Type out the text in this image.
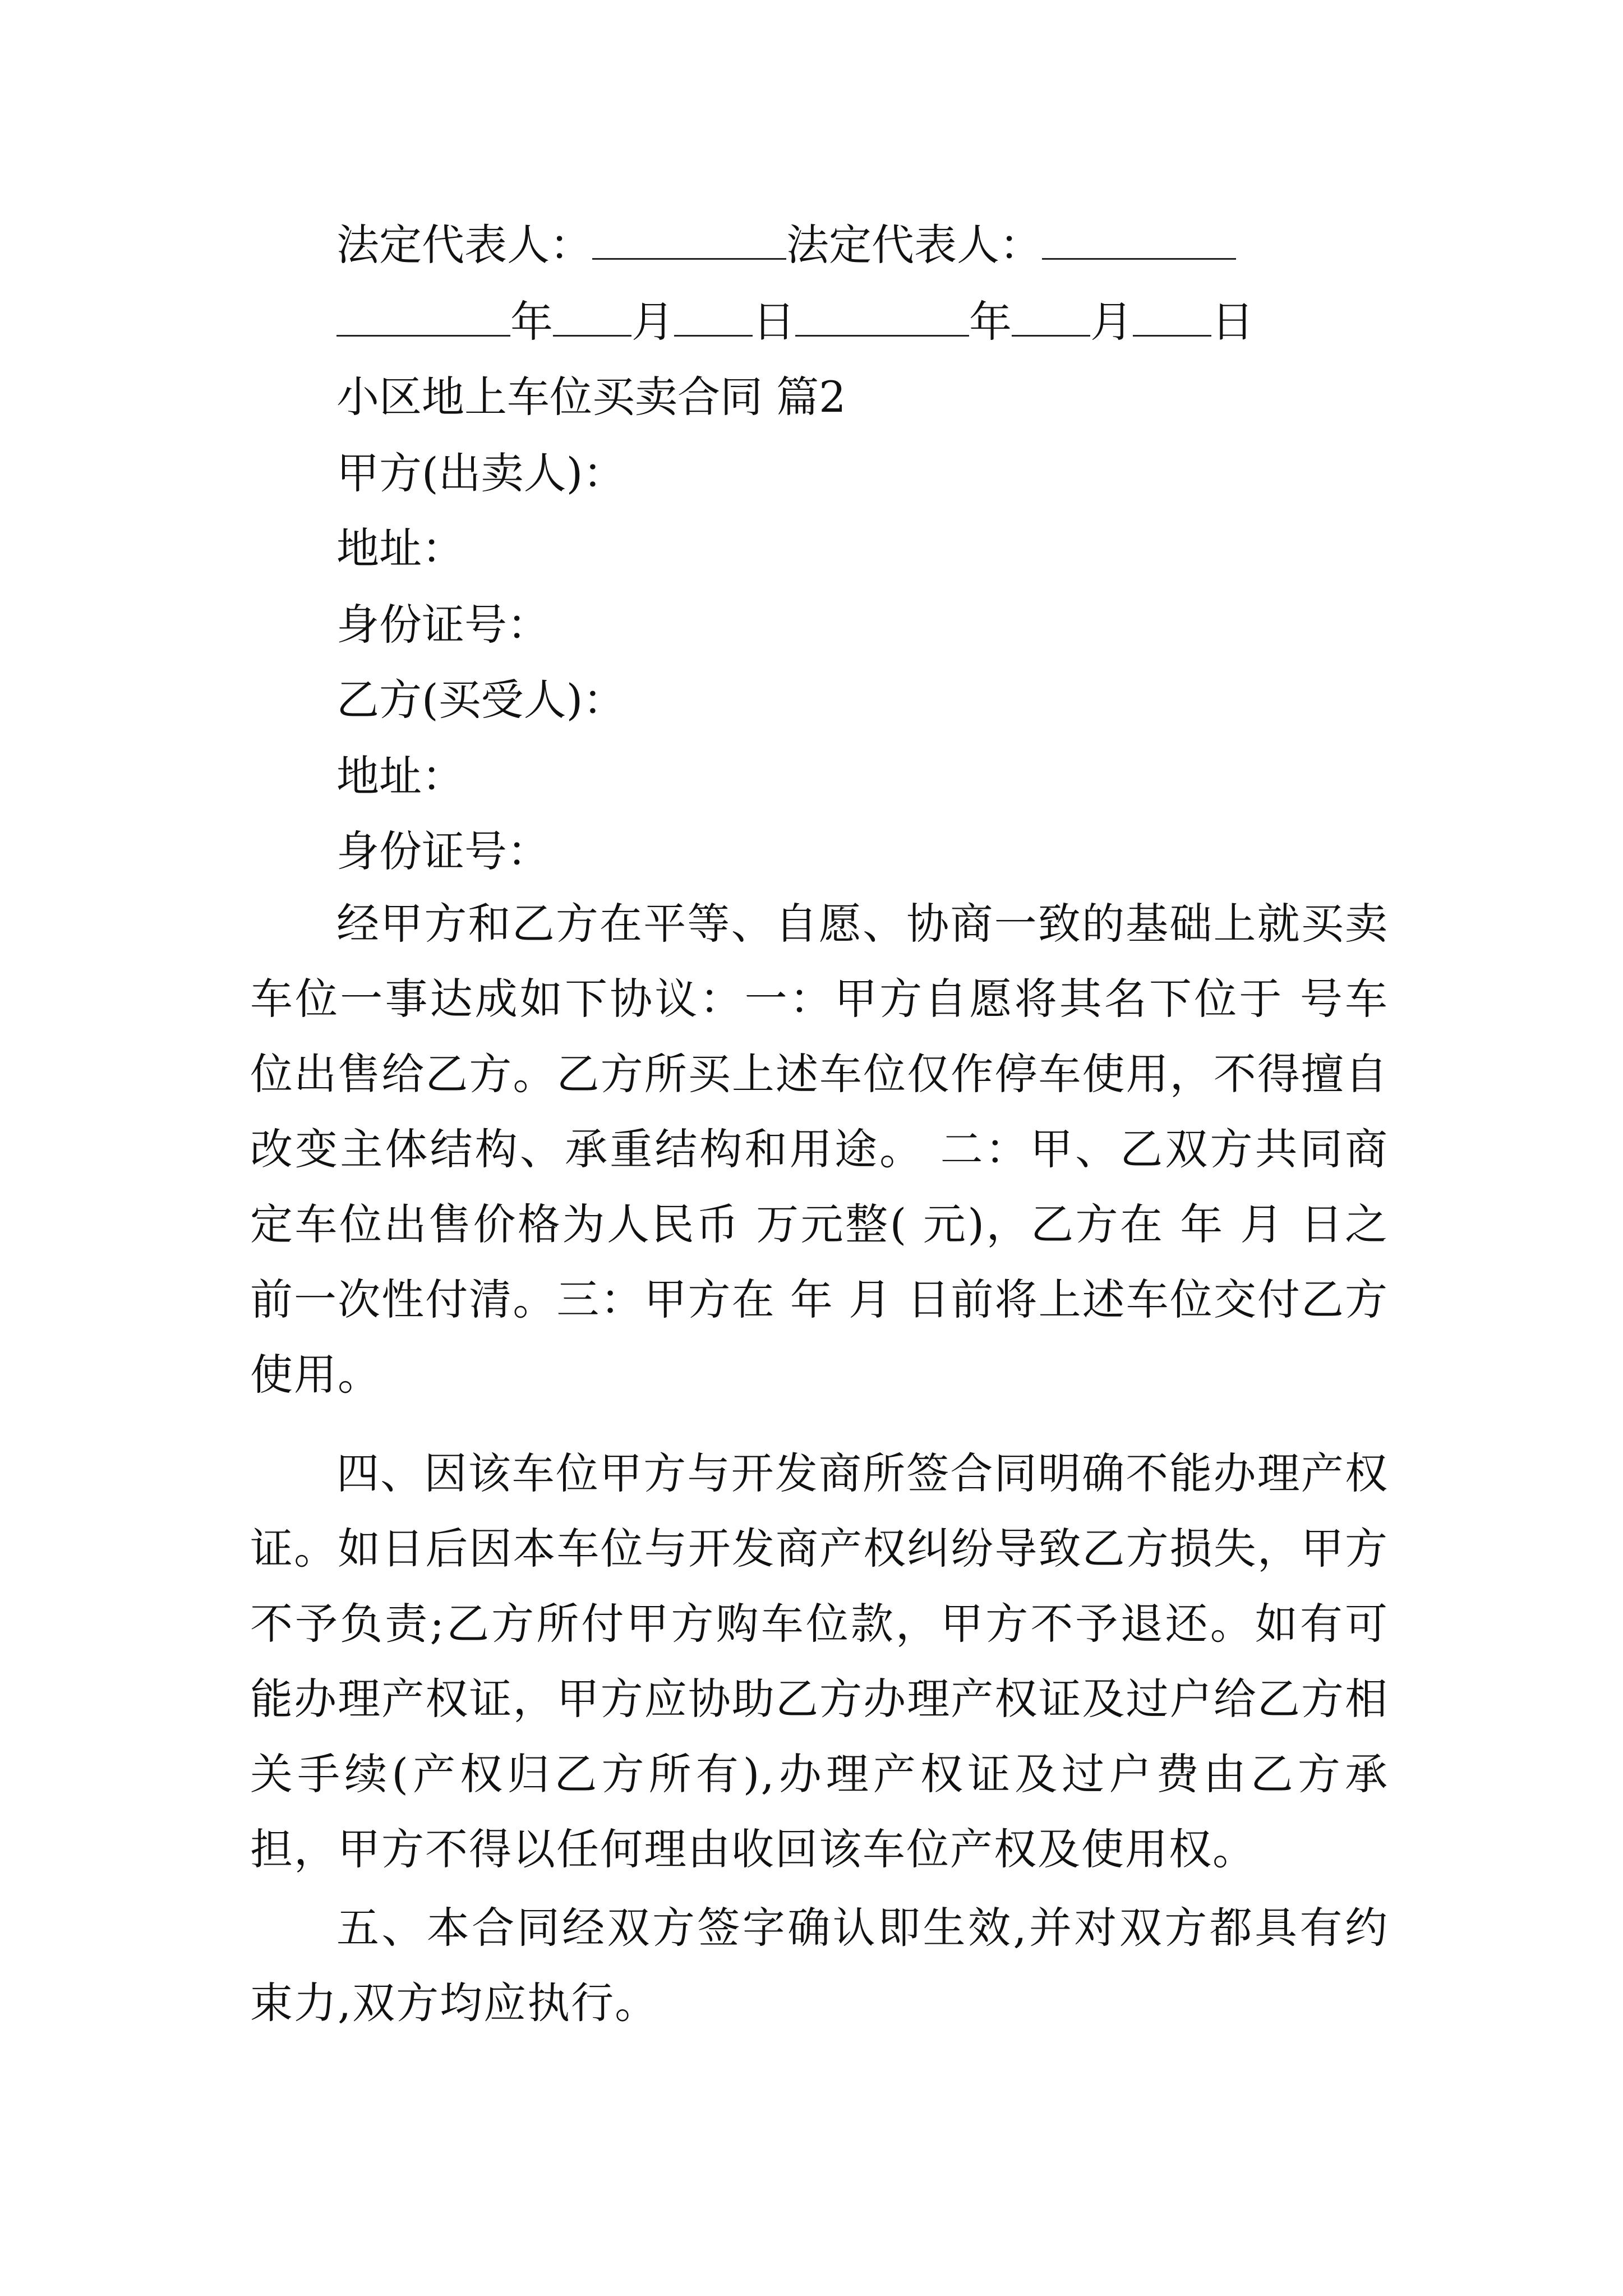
法定代表人：	法定代表人：
年 月 日	年 月 日
小区地上车位买卖合同 篇2
甲方(出卖人)：
地址：
身份证号：
乙方(买受人)：
地址：
身份证号：

经甲方和乙方在平等、自愿、协商一致的基础上就买卖车位一事达成如下协议：一：甲方自愿将其名下位于 号车位出售给乙方。乙方所买上述车位仅作停车使用，不得擅自改变主体结构、承重结构和用途。 二：甲、乙双方共同商定车位出售价格为人民币 万元整( 元)，乙方在 年 月 日之前一次性付清。三：甲方在 年 月 日前将上述车位交付乙方使用。

四、因该车位甲方与开发商所签合同明确不能办理产权证。如日后因本车位与开发商产权纠纷导致乙方损失，甲方不予负责;乙方所付甲方购车位款，甲方不予退还。如有可能办理产权证，甲方应协助乙方办理产权证及过户给乙方相关手续(产权归乙方所有),办理产权证及过户费由乙方承担，甲方不得以任何理由收回该车位产权及使用权。

五、本合同经双方签字确认即生效,并对双方都具有约束力,双方均应执行。
